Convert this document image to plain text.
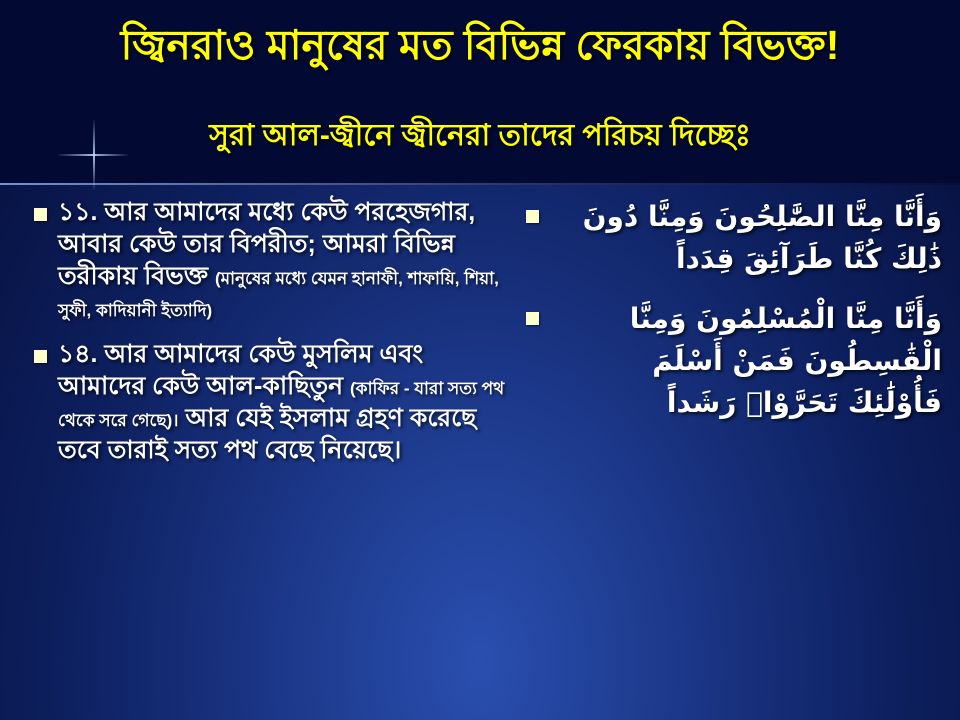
জ্বিনরাও মানুষের মত বিভিন্ন ফেরকায় বিভক্ত!
সুরা আল-জ্বীনে জ্বীনেরা তাদের পরিচয় দিচ্ছেঃ
১১. আর আমাদের মধ্যে কেউ পরহেজগার, আবার কেউ তার বিপরীত; আমরা বিভিন্ন তরীকায় বিভক্ত (মানুষের মধ্যে যেমন হানাফী, শাফায়ি, শিয়া, সুফী, কাদিয়ানী ইত্যাদি)
১৪. আর আমাদের কেউ মুসলিম এবং আমাদের কেউ আল-কাছিতুন (কাফির - যারা সত্য পথ থেকে সরে গেছে)। আর যেই ইসলাম গ্রহণ করেছে তবে তারাই সত্য পথ বেছে নিয়েছে।
وَأَنَّا مِنَّا الصَّٰلِحُونَ وَمِنَّا دُونَ ذَٰلِكَ كُنَّا طَرَآئِقَ قِدَداً
وَأَنَّا مِنَّا الْمُسْلِمُونَ وَمِنَّا الْقَٰسِطُونَ فَمَنْ أَسْلَمَ فَأُوْلَٰئِكَ تَحَرَّوْا۟ رَشَداً
